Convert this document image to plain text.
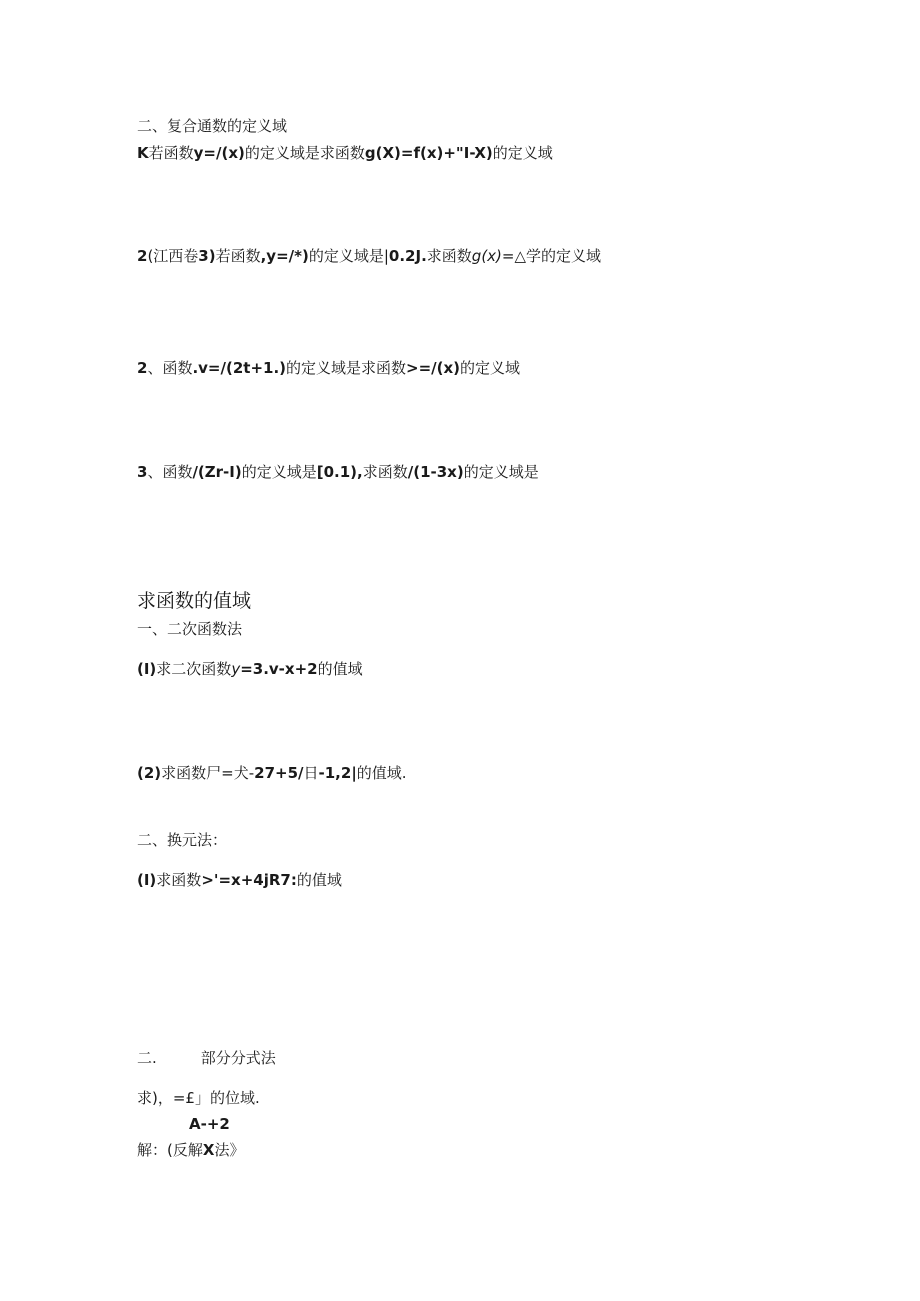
二、复合通数的定义域
K若函数y=/(x)的定义域是求函数g(X)=f(x)+"I-X)的定义域
2(江西卷3)若函数,y=/*)的定义域是|0.2J.求函数g(x)=△学的定义域
2、函数.v=/(2t+1.)的定义域是求函数>=/(x)的定义域
3、函数/(Zr-I)的定义域是[0.1),求函数/(1-3x)的定义域是
求函数的值域
一、二次函数法
(I)求二次函数y=3.v-x+2的值域
(2)求函数尸=犬-27+5/日-1,2|的值域.
二、换元法：
(I)求函数>'=x+4jR7:的值域
二.	部分分式法
求)，=£」的位域.
A-+2
解：(反解X法》
